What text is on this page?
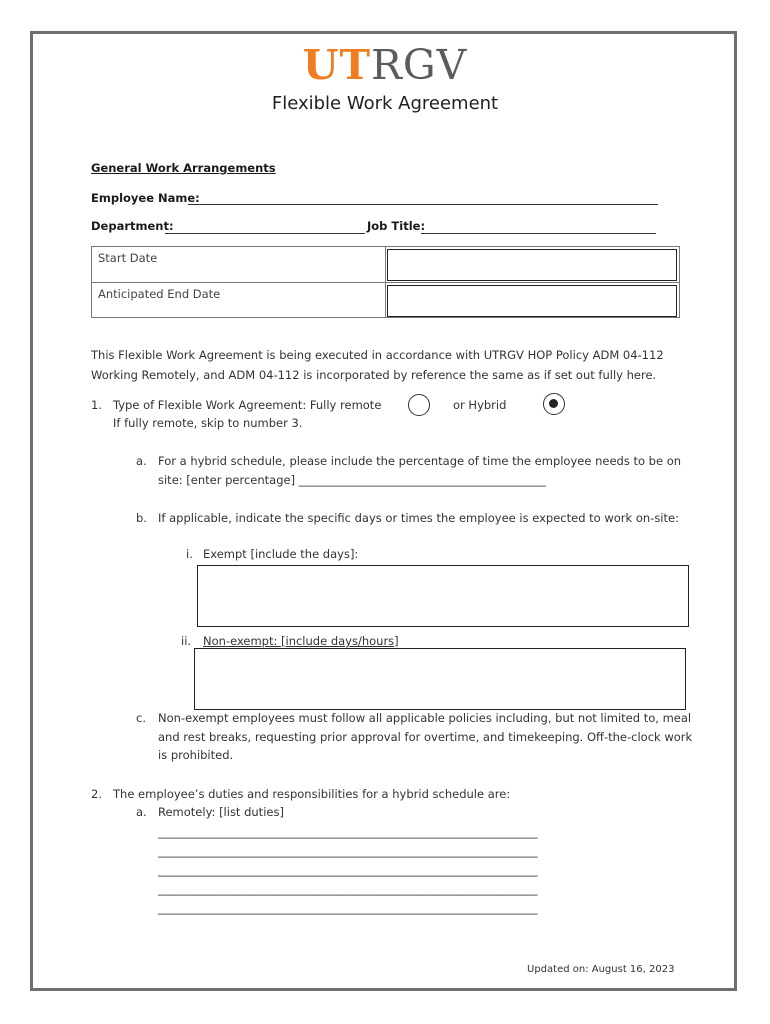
UTRGV
Flexible Work Agreement
General Work Arrangements
Employee Name:
Department:	Job Title:
Start Date
Anticipated End Date
This Flexible Work Agreement is being executed in accordance with UTRGV HOP Policy ADM 04-112
Working Remotely, and ADM 04-112 is incorporated by reference the same as if set out fully here.
1. Type of Flexible Work Agreement: Fully remote	or Hybrid
If fully remote, skip to number 3.
a. For a hybrid schedule, please include the percentage of time the employee needs to be on
site: [enter percentage] ___________________________________________
b. If applicable, indicate the specific days or times the employee is expected to work on-site:
i. Exempt [include the days]:
ii. Non-exempt: [include days/hours]
c. Non-exempt employees must follow all applicable policies including, but not limited to, meal
and rest breaks, requesting prior approval for overtime, and timekeeping. Off-the-clock work
is prohibited.
2. The employee’s duties and responsibilities for a hybrid schedule are:
a. Remotely: [list duties]
__________________________________________________________________
__________________________________________________________________
__________________________________________________________________
__________________________________________________________________
__________________________________________________________________
Updated on: August 16, 2023
